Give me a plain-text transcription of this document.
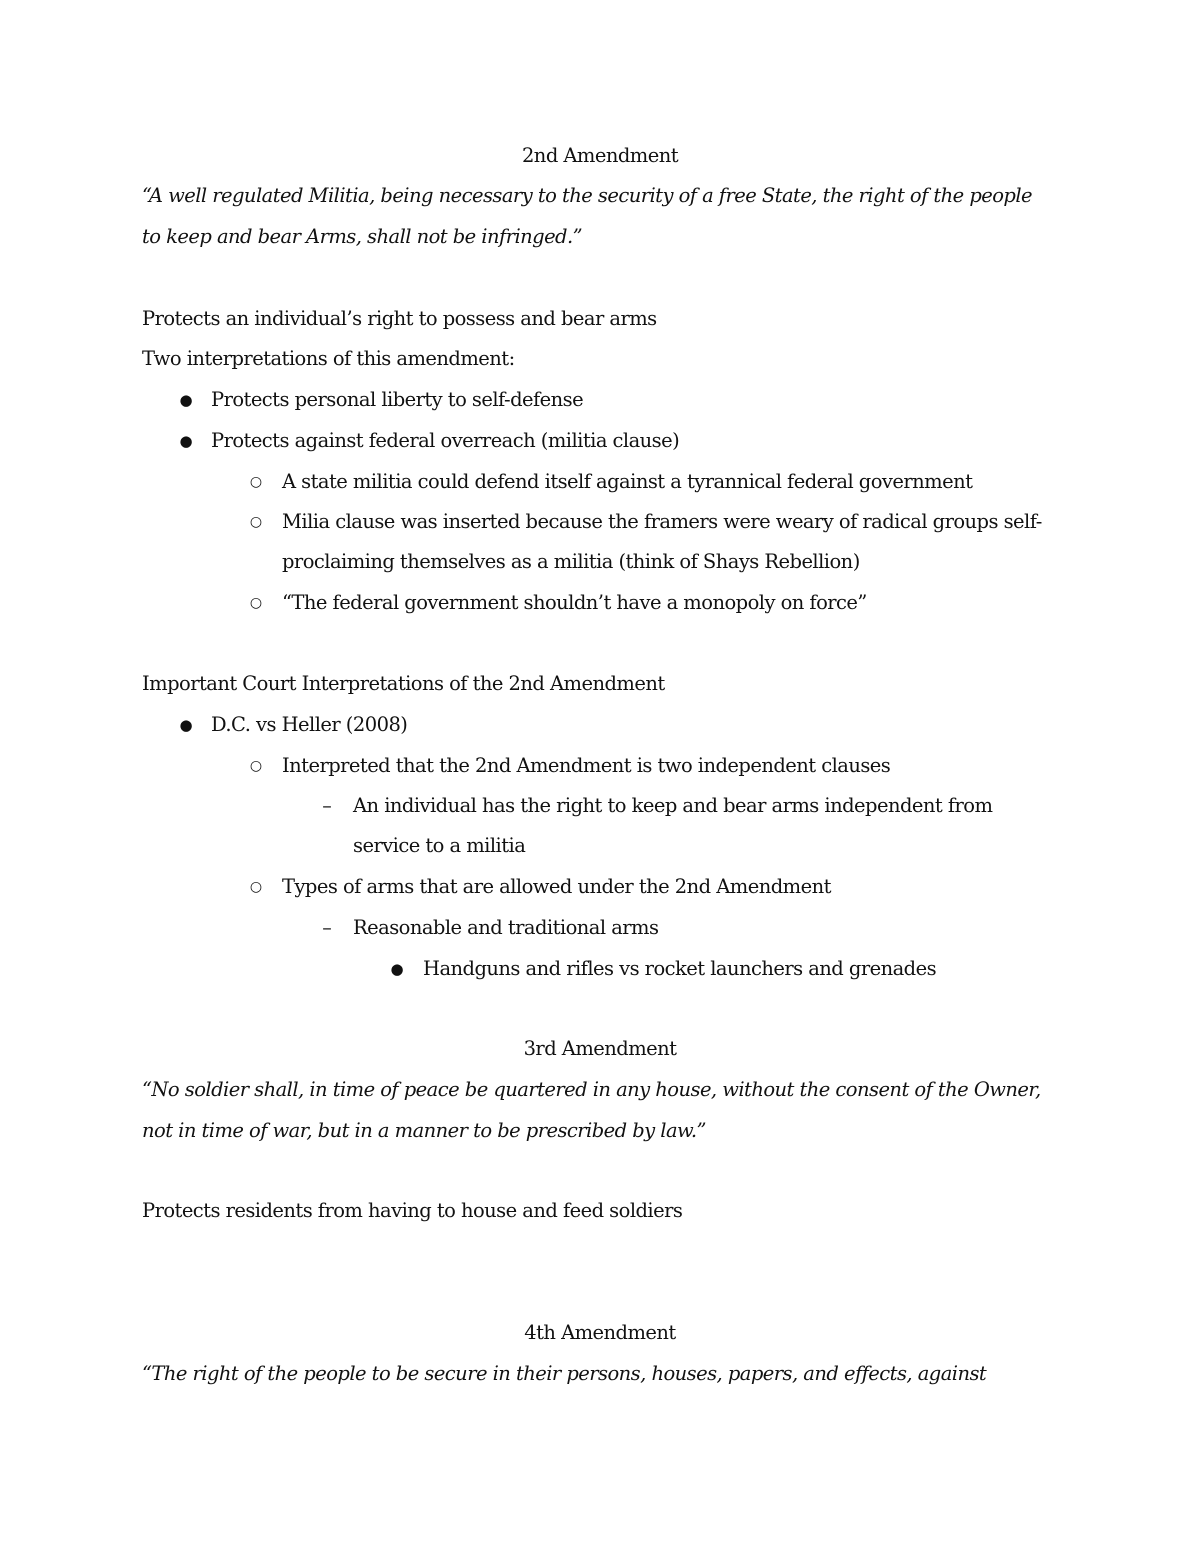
2nd Amendment
“A well regulated Militia, being necessary to the security of a free State, the right of the people
to keep and bear Arms, shall not be infringed.”
Protects an individual’s right to possess and bear arms
Two interpretations of this amendment:
● Protects personal liberty to self-defense
● Protects against federal overreach (militia clause)
○ A state militia could defend itself against a tyrannical federal government
○ Milia clause was inserted because the framers were weary of radical groups self-
proclaiming themselves as a militia (think of Shays Rebellion)
○ “The federal government shouldn’t have a monopoly on force”
Important Court Interpretations of the 2nd Amendment
● D.C. vs Heller (2008)
○ Interpreted that the 2nd Amendment is two independent clauses
– An individual has the right to keep and bear arms independent from
service to a militia
○ Types of arms that are allowed under the 2nd Amendment
– Reasonable and traditional arms
● Handguns and rifles vs rocket launchers and grenades
3rd Amendment
“No soldier shall, in time of peace be quartered in any house, without the consent of the Owner,
not in time of war, but in a manner to be prescribed by law.”
Protects residents from having to house and feed soldiers
4th Amendment
“The right of the people to be secure in their persons, houses, papers, and effects, against
